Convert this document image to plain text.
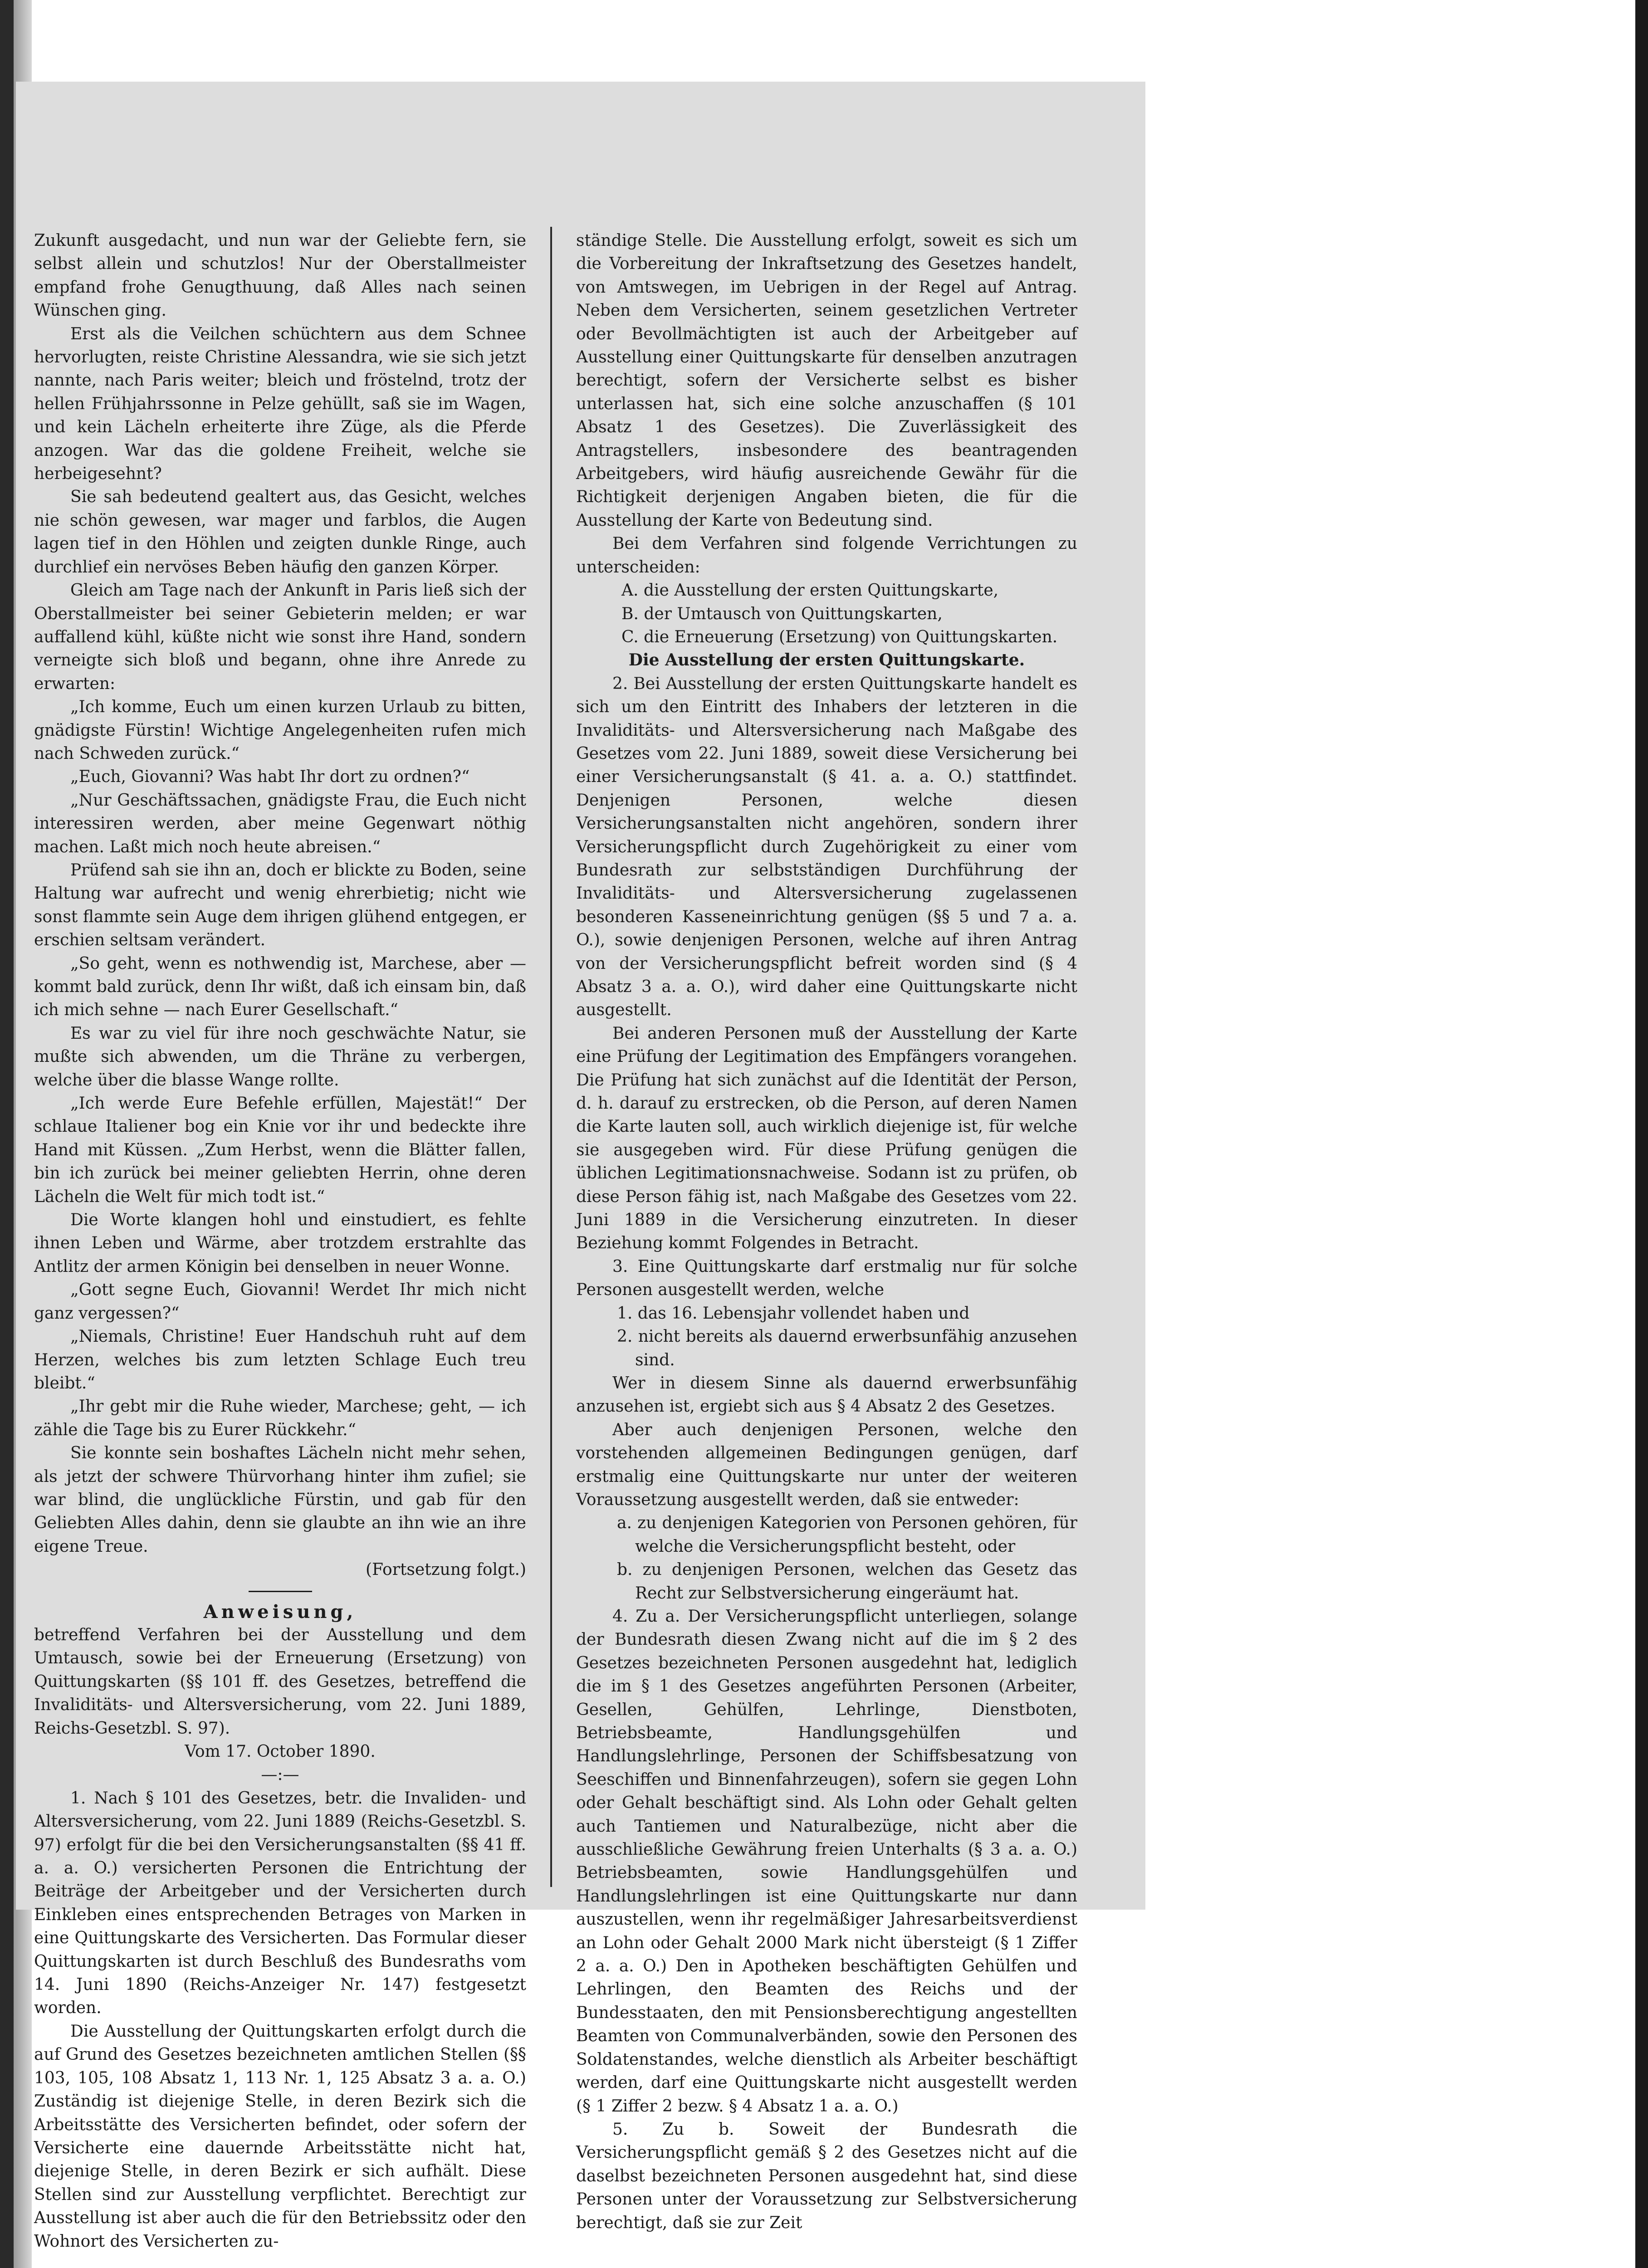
Zukunft ausgedacht, und nun war der Geliebte fern, sie selbst allein und schutzlos! Nur der Oberstallmeister empfand frohe Genugthuung, daß Alles nach seinen Wünschen ging.

Erst als die Veilchen schüchtern aus dem Schnee hervorlugten, reiste Christine Alessandra, wie sie sich jetzt nannte, nach Paris weiter; bleich und fröstelnd, trotz der hellen Frühjahrssonne in Pelze gehüllt, saß sie im Wagen, und kein Lächeln erheiterte ihre Züge, als die Pferde anzogen. War das die goldene Freiheit, welche sie herbeigesehnt?

Sie sah bedeutend gealtert aus, das Gesicht, welches nie schön gewesen, war mager und farblos, die Augen lagen tief in den Höhlen und zeigten dunkle Ringe, auch durchlief ein nervöses Beben häufig den ganzen Körper.

Gleich am Tage nach der Ankunft in Paris ließ sich der Oberstallmeister bei seiner Gebieterin melden; er war auffallend kühl, küßte nicht wie sonst ihre Hand, sondern verneigte sich bloß und begann, ohne ihre Anrede zu erwarten:

„Ich komme, Euch um einen kurzen Urlaub zu bitten, gnädigste Fürstin! Wichtige Angelegenheiten rufen mich nach Schweden zurück.“

„Euch, Giovanni? Was habt Ihr dort zu ordnen?“

„Nur Geschäftssachen, gnädigste Frau, die Euch nicht interessiren werden, aber meine Gegenwart nöthig machen. Laßt mich noch heute abreisen.“

Prüfend sah sie ihn an, doch er blickte zu Boden, seine Haltung war aufrecht und wenig ehrerbietig; nicht wie sonst flammte sein Auge dem ihrigen glühend entgegen, er erschien seltsam verändert.

„So geht, wenn es nothwendig ist, Marchese, aber — kommt bald zurück, denn Ihr wißt, daß ich einsam bin, daß ich mich sehne — nach Eurer Gesellschaft.“

Es war zu viel für ihre noch geschwächte Natur, sie mußte sich abwenden, um die Thräne zu verbergen, welche über die blasse Wange rollte.

„Ich werde Eure Befehle erfüllen, Majestät!“ Der schlaue Italiener bog ein Knie vor ihr und bedeckte ihre Hand mit Küssen. „Zum Herbst, wenn die Blätter fallen, bin ich zurück bei meiner geliebten Herrin, ohne deren Lächeln die Welt für mich todt ist.“

Die Worte klangen hohl und einstudiert, es fehlte ihnen Leben und Wärme, aber trotzdem erstrahlte das Antlitz der armen Königin bei denselben in neuer Wonne.

„Gott segne Euch, Giovanni! Werdet Ihr mich nicht ganz vergessen?“

„Niemals, Christine! Euer Handschuh ruht auf dem Herzen, welches bis zum letzten Schlage Euch treu bleibt.“

„Ihr gebt mir die Ruhe wieder, Marchese; geht, — ich zähle die Tage bis zu Eurer Rückkehr.“

Sie konnte sein boshaftes Lächeln nicht mehr sehen, als jetzt der schwere Thürvorhang hinter ihm zufiel; sie war blind, die unglückliche Fürstin, und gab für den Geliebten Alles dahin, denn sie glaubte an ihn wie an ihre eigene Treue.

(Fortsetzung folgt.)

Anweisung,

betreffend Verfahren bei der Ausstellung und dem Umtausch, sowie bei der Erneuerung (Ersetzung) von Quittungskarten (§§ 101 ff. des Gesetzes, betreffend die Invaliditäts- und Altersversicherung, vom 22. Juni 1889, Reichs-Gesetzbl. S. 97).

Vom 17. October 1890.

—:—

1. Nach § 101 des Gesetzes, betr. die Invaliden- und Altersversicherung, vom 22. Juni 1889 (Reichs-Gesetzbl. S. 97) erfolgt für die bei den Versicherungsanstalten (§§ 41 ff. a. a. O.) versicherten Personen die Entrichtung der Beiträge der Arbeitgeber und der Versicherten durch Einkleben eines entsprechenden Betrages von Marken in eine Quittungskarte des Versicherten. Das Formular dieser Quittungskarten ist durch Beschluß des Bundesraths vom 14. Juni 1890 (Reichs-Anzeiger Nr. 147) festgesetzt worden.

Die Ausstellung der Quittungskarten erfolgt durch die auf Grund des Gesetzes bezeichneten amtlichen Stellen (§§ 103, 105, 108 Absatz 1, 113 Nr. 1, 125 Absatz 3 a. a. O.) Zuständig ist diejenige Stelle, in deren Bezirk sich die Arbeitsstätte des Versicherten befindet, oder sofern der Versicherte eine dauernde Arbeitsstätte nicht hat, diejenige Stelle, in deren Bezirk er sich aufhält. Diese Stellen sind zur Ausstellung verpflichtet. Berechtigt zur Ausstellung ist aber auch die für den Betriebssitz oder den Wohnort des Versicherten zu-

ständige Stelle. Die Ausstellung erfolgt, soweit es sich um die Vorbereitung der Inkraftsetzung des Gesetzes handelt, von Amtswegen, im Uebrigen in der Regel auf Antrag. Neben dem Versicherten, seinem gesetzlichen Vertreter oder Bevollmächtigten ist auch der Arbeitgeber auf Ausstellung einer Quittungskarte für denselben anzutragen berechtigt, sofern der Versicherte selbst es bisher unterlassen hat, sich eine solche anzuschaffen (§ 101 Absatz 1 des Gesetzes). Die Zuverlässigkeit des Antragstellers, insbesondere des beantragenden Arbeitgebers, wird häufig ausreichende Gewähr für die Richtigkeit derjenigen Angaben bieten, die für die Ausstellung der Karte von Bedeutung sind.

Bei dem Verfahren sind folgende Verrichtungen zu unterscheiden:

A. die Ausstellung der ersten Quittungskarte,

B. der Umtausch von Quittungskarten,

C. die Erneuerung (Ersetzung) von Quittungskarten.

Die Ausstellung der ersten Quittungskarte.

2. Bei Ausstellung der ersten Quittungskarte handelt es sich um den Eintritt des Inhabers der letzteren in die Invaliditäts- und Altersversicherung nach Maßgabe des Gesetzes vom 22. Juni 1889, soweit diese Versicherung bei einer Versicherungsanstalt (§ 41. a. a. O.) stattfindet. Denjenigen Personen, welche diesen Versicherungsanstalten nicht angehören, sondern ihrer Versicherungspflicht durch Zugehörigkeit zu einer vom Bundesrath zur selbstständigen Durchführung der Invaliditäts- und Altersversicherung zugelassenen besonderen Kasseneinrichtung genügen (§§ 5 und 7 a. a. O.), sowie denjenigen Personen, welche auf ihren Antrag von der Versicherungspflicht befreit worden sind (§ 4 Absatz 3 a. a. O.), wird daher eine Quittungskarte nicht ausgestellt.

Bei anderen Personen muß der Ausstellung der Karte eine Prüfung der Legitimation des Empfängers vorangehen. Die Prüfung hat sich zunächst auf die Identität der Person, d. h. darauf zu erstrecken, ob die Person, auf deren Namen die Karte lauten soll, auch wirklich diejenige ist, für welche sie ausgegeben wird. Für diese Prüfung genügen die üblichen Legitimationsnachweise. Sodann ist zu prüfen, ob diese Person fähig ist, nach Maßgabe des Gesetzes vom 22. Juni 1889 in die Versicherung einzutreten. In dieser Beziehung kommt Folgendes in Betracht.

3. Eine Quittungskarte darf erstmalig nur für solche Personen ausgestellt werden, welche

1. das 16. Lebensjahr vollendet haben und

2. nicht bereits als dauernd erwerbsunfähig anzusehen sind.

Wer in diesem Sinne als dauernd erwerbsunfähig anzusehen ist, ergiebt sich aus § 4 Absatz 2 des Gesetzes.

Aber auch denjenigen Personen, welche den vorstehenden allgemeinen Bedingungen genügen, darf erstmalig eine Quittungskarte nur unter der weiteren Voraussetzung ausgestellt werden, daß sie entweder:

a. zu denjenigen Kategorien von Personen gehören, für welche die Versicherungspflicht besteht, oder

b. zu denjenigen Personen, welchen das Gesetz das Recht zur Selbstversicherung eingeräumt hat.

4. Zu a. Der Versicherungspflicht unterliegen, solange der Bundesrath diesen Zwang nicht auf die im § 2 des Gesetzes bezeichneten Personen ausgedehnt hat, lediglich die im § 1 des Gesetzes angeführten Personen (Arbeiter, Gesellen, Gehülfen, Lehrlinge, Dienstboten, Betriebsbeamte, Handlungsgehülfen und Handlungslehrlinge, Personen der Schiffsbesatzung von Seeschiffen und Binnenfahrzeugen), sofern sie gegen Lohn oder Gehalt beschäftigt sind. Als Lohn oder Gehalt gelten auch Tantiemen und Naturalbezüge, nicht aber die ausschließliche Gewährung freien Unterhalts (§ 3 a. a. O.) Betriebsbeamten, sowie Handlungsgehülfen und Handlungslehrlingen ist eine Quittungskarte nur dann auszustellen, wenn ihr regelmäßiger Jahresarbeitsverdienst an Lohn oder Gehalt 2000 Mark nicht übersteigt (§ 1 Ziffer 2 a. a. O.) Den in Apotheken beschäftigten Gehülfen und Lehrlingen, den Beamten des Reichs und der Bundesstaaten, den mit Pensionsberechtigung angestellten Beamten von Communalverbänden, sowie den Personen des Soldatenstandes, welche dienstlich als Arbeiter beschäftigt werden, darf eine Quittungskarte nicht ausgestellt werden (§ 1 Ziffer 2 bezw. § 4 Absatz 1 a. a. O.)

5. Zu b. Soweit der Bundesrath die Versicherungspflicht gemäß § 2 des Gesetzes nicht auf die daselbst bezeichneten Personen ausgedehnt hat, sind diese Personen unter der Voraussetzung zur Selbstversicherung berechtigt, daß sie zur Zeit
